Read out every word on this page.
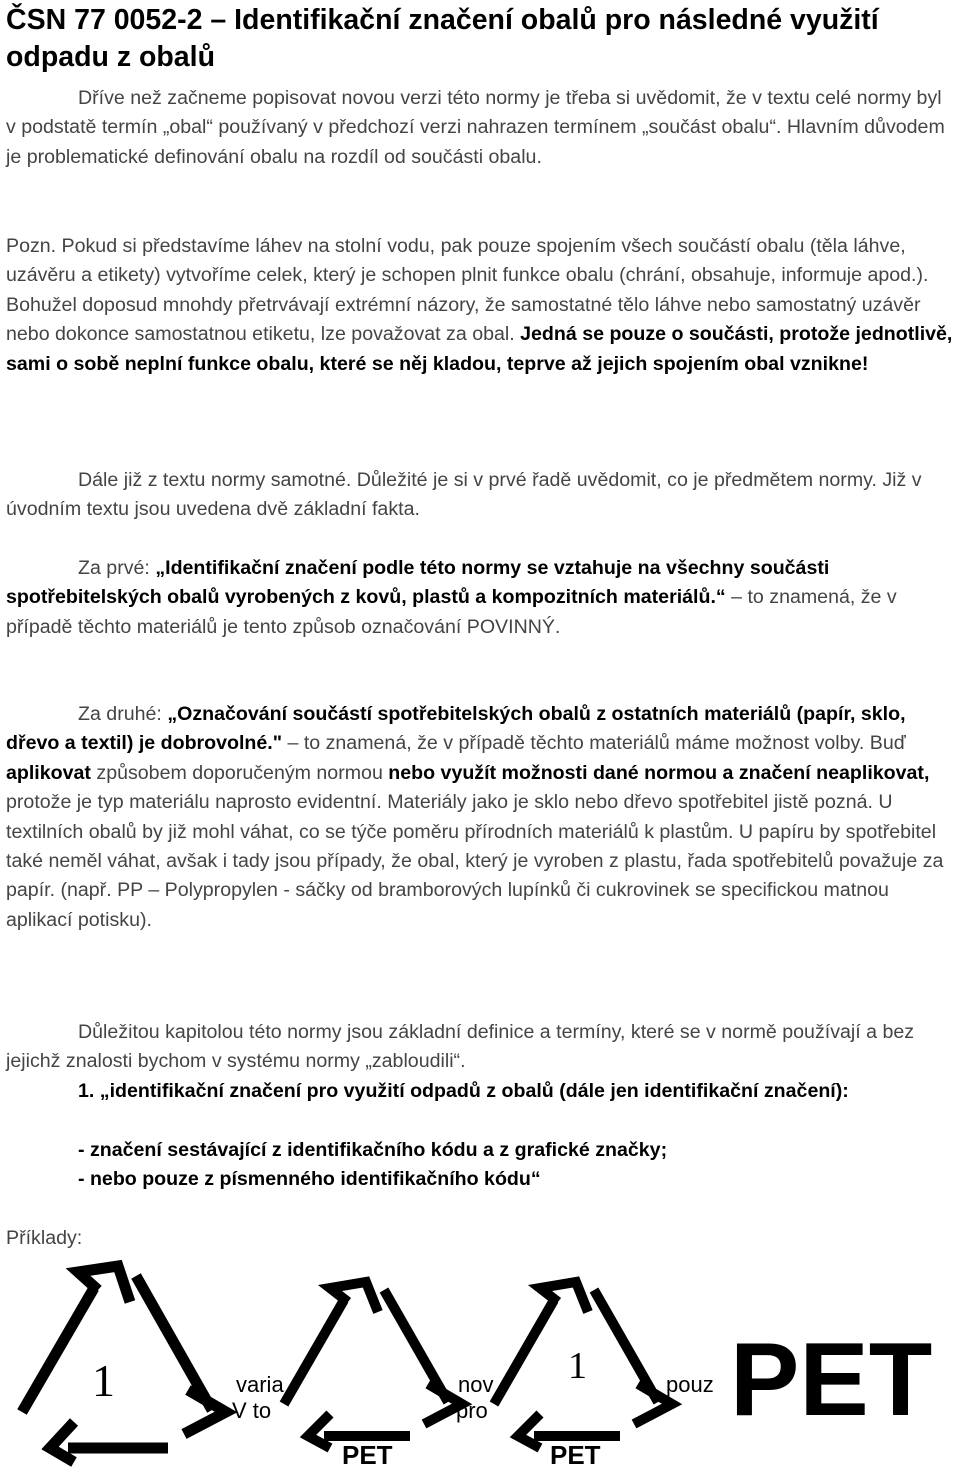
ČSN 77 0052-2 – Identifikační značení obalů pro následné využití odpadu z obalů

Dříve než začneme popisovat novou verzi této normy je třeba si uvědomit, že v textu celé normy byl v podstatě termín „obal“ používaný v předchozí verzi nahrazen termínem „součást obalu“. Hlavním důvodem je problematické definování obalu na rozdíl od součásti obalu.

Pozn. Pokud si představíme láhev na stolní vodu, pak pouze spojením všech součástí obalu (těla láhve, uzávěru a etikety) vytvoříme celek, který je schopen plnit funkce obalu (chrání, obsahuje, informuje apod.). Bohužel doposud mnohdy přetrvávají extrémní názory, že samostatné tělo láhve nebo samostatný uzávěr nebo dokonce samostatnou etiketu, lze považovat za obal. Jedná se pouze o součásti, protože jednotlivě, sami o sobě neplní funkce obalu, které se něj kladou, teprve až jejich spojením obal vznikne!

Dále již z textu normy samotné. Důležité je si v prvé řadě uvědomit, co je předmětem normy. Již v úvodním textu jsou uvedena dvě základní fakta.

Za prvé: „Identifikační značení podle této normy se vztahuje na všechny součásti spotřebitelských obalů vyrobených z kovů, plastů a kompozitních materiálů.“ – to znamená, že v případě těchto materiálů je tento způsob označování POVINNÝ.

Za druhé: „Označování součástí spotřebitelských obalů z ostatních materiálů (papír, sklo, dřevo a textil) je dobrovolné." – to znamená, že v případě těchto materiálů máme možnost volby. Buď aplikovat způsobem doporučeným normou nebo využít možnosti dané normou a značení neaplikovat, protože je typ materiálu naprosto evidentní. Materiály jako je sklo nebo dřevo spotřebitel jistě pozná. U textilních obalů by již mohl váhat, co se týče poměru přírodních materiálů k plastům. U papíru by spotřebitel také neměl váhat, avšak i tady jsou případy, že obal, který je vyroben z plastu, řada spotřebitelů považuje za papír. (např. PP – Polypropylen - sáčky od bramborových lupínků či cukrovinek se specifickou matnou aplikací potisku).

Důležitou kapitolou této normy jsou základní definice a termíny, které se v normě používají a bez jejichž znalosti bychom v systému normy „zabloudili“.

1. „identifikační značení pro využití odpadů z obalů (dále jen identifikační značení):

- značení sestávající z identifikačního kódu a z grafické značky;

- nebo pouze z písmenného identifikačního kódu“

Příklady:

1	varia
V to
PET
nov
pro
1
PET
pouz PET
